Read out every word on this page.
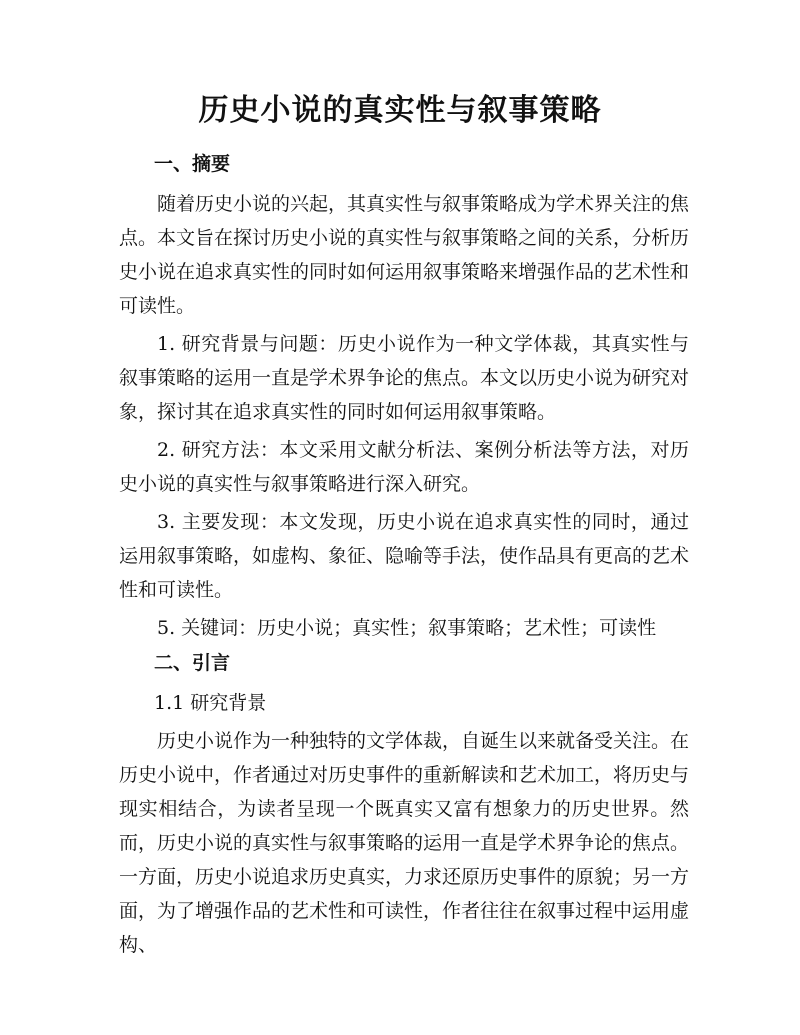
历史小说的真实性与叙事策略
一、摘要

随着历史小说的兴起，其真实性与叙事策略成为学术界关注的焦点。本文旨在探讨历史小说的真实性与叙事策略之间的关系，分析历史小说在追求真实性的同时如何运用叙事策略来增强作品的艺术性和可读性。

1. 研究背景与问题：历史小说作为一种文学体裁，其真实性与叙事策略的运用一直是学术界争论的焦点。本文以历史小说为研究对象，探讨其在追求真实性的同时如何运用叙事策略。

2. 研究方法：本文采用文献分析法、案例分析法等方法，对历史小说的真实性与叙事策略进行深入研究。

3. 主要发现：本文发现，历史小说在追求真实性的同时，通过运用叙事策略，如虚构、象征、隐喻等手法，使作品具有更高的艺术性和可读性。

5. 关键词：历史小说；真实性；叙事策略；艺术性；可读性

二、引言
1.1 研究背景

历史小说作为一种独特的文学体裁，自诞生以来就备受关注。在历史小说中，作者通过对历史事件的重新解读和艺术加工，将历史与现实相结合，为读者呈现一个既真实又富有想象力的历史世界。然而，历史小说的真实性与叙事策略的运用一直是学术界争论的焦点。一方面，历史小说追求历史真实，力求还原历史事件的原貌；另一方面，为了增强作品的艺术性和可读性，作者往往在叙事过程中运用虚构、
